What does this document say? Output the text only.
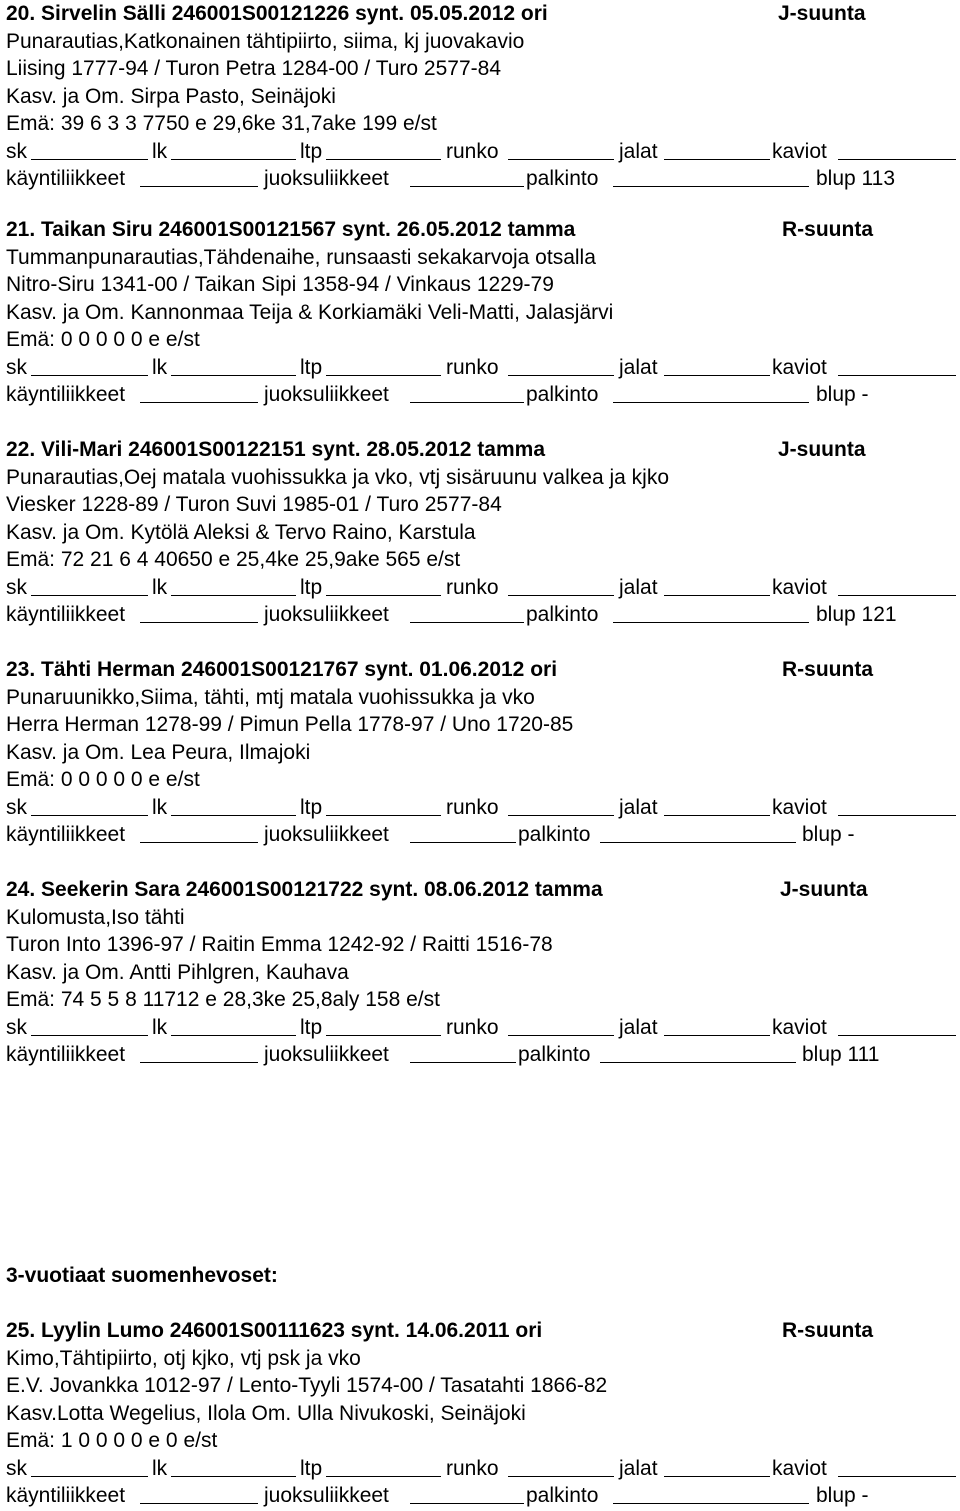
20. Sirvelin Sälli 246001S00121226 synt. 05.05.2012 ori	J-suunta
Punarautias,Katkonainen tähtipiirto, siima, kj juovakavio
Liising 1777-94 / Turon Petra 1284-00 / Turo 2577-84
Kasv. ja Om. Sirpa Pasto, Seinäjoki
Emä: 39 6 3 3 7750 e 29,6ke 31,7ake 199 e/st
sk	lk	ltp	runko	jalat	kaviot
käyntiliikkeet	juoksuliikkeet	palkinto	blup 113
21. Taikan Siru 246001S00121567 synt. 26.05.2012 tamma	R-suunta
Tummanpunarautias,Tähdenaihe, runsaasti sekakarvoja otsalla
Nitro-Siru 1341-00 / Taikan Sipi 1358-94 / Vinkaus 1229-79
Kasv. ja Om. Kannonmaa Teija & Korkiamäki Veli-Matti, Jalasjärvi
Emä: 0 0 0 0 0 e e/st
sk	lk	ltp	runko	jalat	kaviot
käyntiliikkeet	juoksuliikkeet	palkinto	blup -
22. Vili-Mari 246001S00122151 synt. 28.05.2012 tamma	J-suunta
Punarautias,Oej matala vuohissukka ja vko, vtj sisäruunu valkea ja kjko
Viesker 1228-89 / Turon Suvi 1985-01 / Turo 2577-84
Kasv. ja Om. Kytölä Aleksi & Tervo Raino, Karstula
Emä: 72 21 6 4 40650 e 25,4ke 25,9ake 565 e/st
sk	lk	ltp	runko	jalat	kaviot
käyntiliikkeet	juoksuliikkeet	palkinto	blup 121
23. Tähti Herman 246001S00121767 synt. 01.06.2012 ori	R-suunta
Punaruunikko,Siima, tähti, mtj matala vuohissukka ja vko
Herra Herman 1278-99 / Pimun Pella 1778-97 / Uno 1720-85
Kasv. ja Om. Lea Peura, Ilmajoki
Emä: 0 0 0 0 0 e e/st
sk	lk	ltp	runko	jalat	kaviot
käyntiliikkeet	juoksuliikkeet	palkinto	blup -
24. Seekerin Sara 246001S00121722 synt. 08.06.2012 tamma	J-suunta
Kulomusta,Iso tähti
Turon Into 1396-97 / Raitin Emma 1242-92 / Raitti 1516-78
Kasv. ja Om. Antti Pihlgren, Kauhava
Emä: 74 5 5 8 11712 e 28,3ke 25,8aly 158 e/st
sk	lk	ltp	runko	jalat	kaviot
käyntiliikkeet	juoksuliikkeet	palkinto	blup 111
3-vuotiaat suomenhevoset:
25. Lyylin Lumo 246001S00111623 synt. 14.06.2011 ori	R-suunta
Kimo,Tähtipiirto, otj kjko, vtj psk ja vko
E.V. Jovankka 1012-97 / Lento-Tyyli 1574-00 / Tasatahti 1866-82
Kasv.Lotta Wegelius, Ilola Om. Ulla Nivukoski, Seinäjoki
Emä: 1 0 0 0 0 e 0 e/st
sk	lk	ltp	runko	jalat	kaviot
käyntiliikkeet	juoksuliikkeet	palkinto	blup -
